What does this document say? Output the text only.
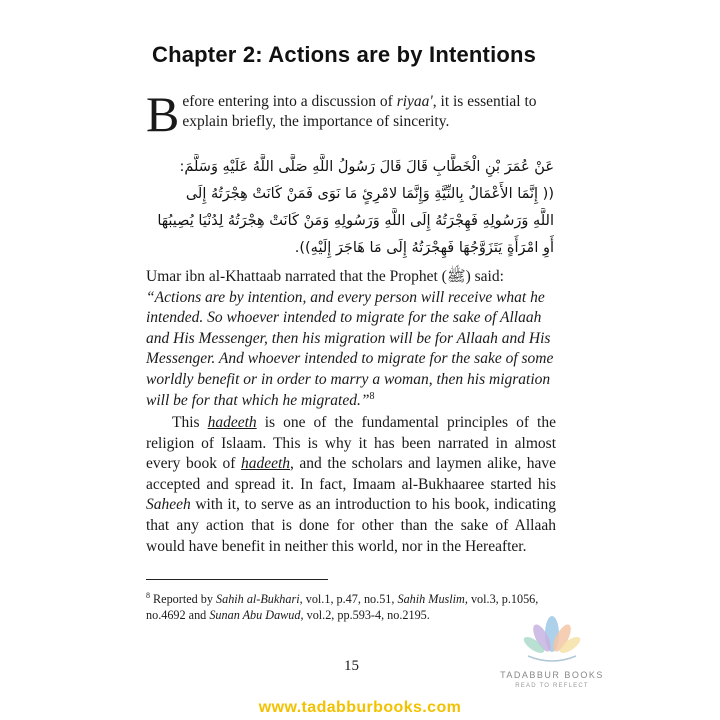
Chapter 2: Actions are by Intentions
Before entering into a discussion of riyaa', it is essential to explain briefly, the importance of sincerity.
عَنْ عُمَرَ بْنِ الْخَطَّابِ قَالَ قَالَ رَسُولُ اللَّهِ صَلَّى اللَّهُ عَلَيْهِ وَسَلَّمَ:
(( إِنَّمَا الأَعْمَالُ بِالنِّيَّةِ وَإِنَّمَا لامْرِئٍ مَا نَوَى فَمَنْ كَانَتْ هِجْرَتُهُ إِلَى
اللَّهِ وَرَسُولِهِ فَهِجْرَتُهُ إِلَى اللَّهِ وَرَسُولِهِ وَمَنْ كَانَتْ هِجْرَتُهُ لِدُنْيَا يُصِيبُهَا
أَوِ امْرَأَةٍ يَتَزَوَّجُهَا فَهِجْرَتُهُ إِلَى مَا هَاجَرَ إِلَيْهِ)).
Umar ibn al-Khattaab narrated that the Prophet (ﷺ) said:
“Actions are by intention, and every person will receive what he intended. So whoever intended to migrate for the sake of Allaah and His Messenger, then his migration will be for Allaah and His Messenger. And whoever intended to migrate for the sake of some worldly benefit or in order to marry a woman, then his migration will be for that which he migrated.”$^8$
This hadeeth is one of the fundamental principles of the religion of Islaam. This is why it has been narrated in almost every book of hadeeth, and the scholars and laymen alike, have accepted and spread it. In fact, Imaam al-Bukhaaree started his Saheeh with it, to serve as an introduction to his book, indicating that any action that is done for other than the sake of Allaah would have benefit in neither this world, nor in the Hereafter.
$^8$ Reported by Sahih al-Bukhari, vol.1, p.47, no.51, Sahih Muslim, vol.3, p.1056, no.4692 and Sunan Abu Dawud, vol.2, pp.593-4, no.2195.
15
TADABBUR BOOKS
READ TO REFLECT
www.tadabburbooks.com
